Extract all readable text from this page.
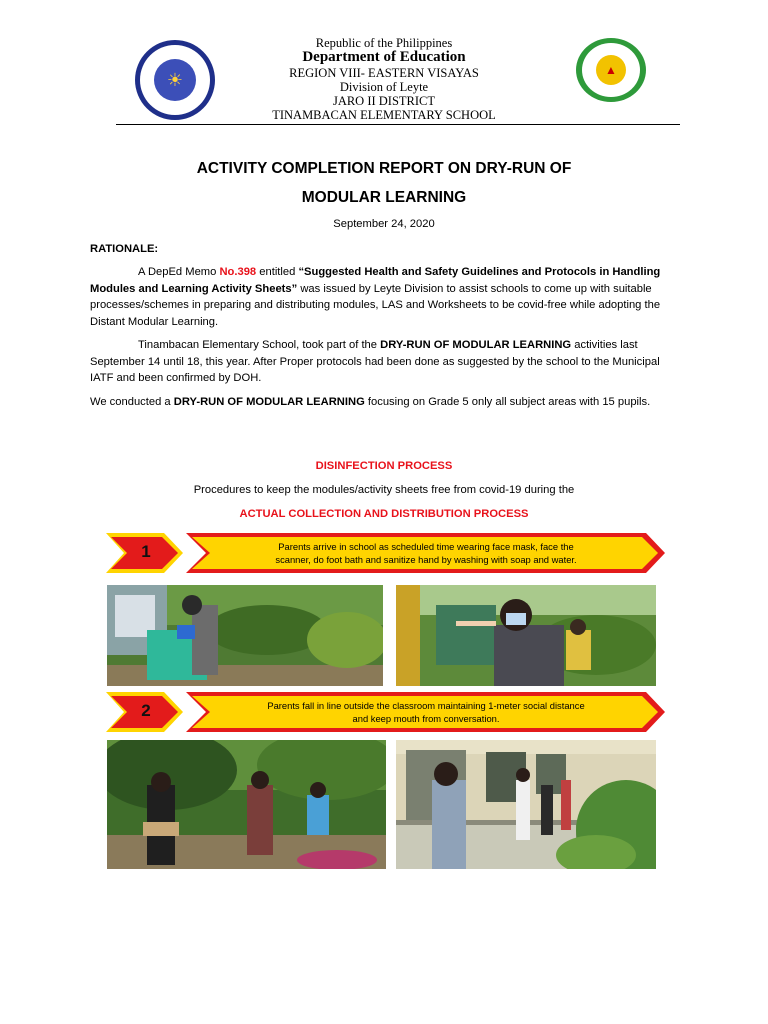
☀	▲
Republic of the Philippines
Department of Education
REGION VIII- EASTERN VISAYAS
Division of Leyte
JARO II DISTRICT
TINAMBACAN ELEMENTARY SCHOOL
ACTIVITY COMPLETION REPORT ON DRY-RUN OF
MODULAR LEARNING
September 24, 2020
RATIONALE:
A DepEd Memo No.398 entitled “Suggested Health and Safety Guidelines and Protocols in Handling Modules and Learning Activity Sheets” was issued by Leyte Division to assist schools to come up with suitable processes/schemes in preparing and distributing modules, LAS and Worksheets to be covid-free while adopting the Distant Modular Learning.
Tinambacan Elementary School, took part of the DRY-RUN OF MODULAR LEARNING activities last September 14 until 18, this year. After Proper protocols had been done as suggested by the school to the Municipal IATF and been confirmed by DOH.
We conducted a DRY-RUN OF MODULAR LEARNING focusing on Grade 5 only all subject areas with 15 pupils.
DISINFECTION PROCESS
Procedures to keep the modules/activity sheets free from covid-19 during the
ACTUAL COLLECTION AND DISTRIBUTION PROCESS
1	Parents arrive in school as scheduled time wearing face mask, face the
scanner, do foot bath and sanitize hand by washing with soap and water.
2	Parents fall in line outside the classroom maintaining 1-meter social distance
and keep mouth from conversation.
